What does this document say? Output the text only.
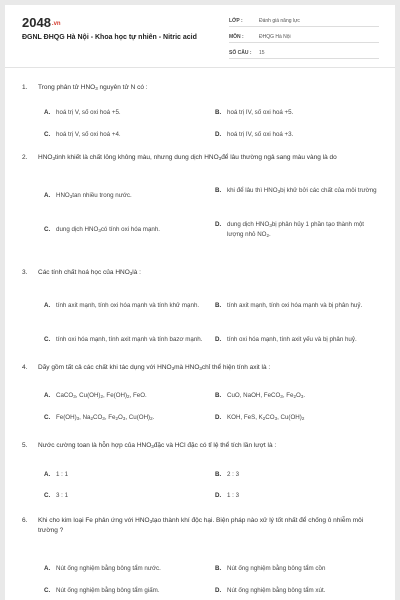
2048.vn
ĐGNL ĐHQG Hà Nội - Khoa học tự nhiên - Nitric acid
LỚP :	Đánh giá năng lực
MÔN :	ĐHQG Hà Nội
SỐ CÂU :	15
1.	Trong phân tử $HNO_3$ nguyên tử N có :
A. hoá trị V, số oxi hoá +5.	B. hoá trị IV, số oxi hoá +5.
C. hoá trị V, số oxi hoá +4.	D. hoá trị IV, số oxi hoá +3.
2.	$HNO_3tinh$ khiết là chất lỏng không màu, nhưng dung dịch $HNO_3để$ lâu thường ngả sang màu vàng là do
A. $HNO_3\tan$ nhiều trong nước.
B. khi để lâu thì $HNO_3bị$ khử bởi các chất của môi trường
C. dung dịch $HNO_3có$ tính oxi hóa mạnh.
D. dung dịch $HNO_3bị$ phân hủy 1 phần tạo thành một lượng nhỏ $NO_2$.
3.	Các tính chất hoá học của $HNO_3là$ :
A. tính axit mạnh, tính oxi hóa mạnh và tính khử mạnh.	B. tính axit mạnh, tính oxi hóa mạnh và bị phân huỷ.
C. tính oxi hóa mạnh, tính axit mạnh và tính bazơ mạnh.	D. tính oxi hóa mạnh, tính axit yếu và bị phân huỷ.
4.	Dãy gồm tất cả các chất khi tác dụng với $HNO_3mà$ $HNO_3chỉ$ thể hiện tính axit là :
A. CaCO$_3$, $Cu(OH)_2$, $Fe(OH)_2$, FeO.	B. CuO, NaOH, FeCO$_3$, $Fe_2O_3$.
C. $Fe(OH)_3$, $Na_2CO_3$, $Fe_2O_3$, $Cu(OH)_2$.	D. KOH, FeS, $K_2CO_3$, $Cu(OH)_2$
5.	Nước cường toan là hỗn hợp của $HNO_3đặc$ và HCl đặc có tỉ lệ thể tích lần lượt là :
A. 1 : 1	B. 2 : 3
C. 3 : 1	D. 1 : 3
6.	Khi cho kim loại Fe phản ứng với $HNO_3tạo$ thành khí độc hại. Biện pháp nào xử lý tốt nhất để chống ô nhiễm môi trường ?
A. Nút ống nghiệm bằng bông tẩm nước.	B. Nút ống nghiệm bằng bông tẩm cồn
C. Nút ống nghiệm bằng bông tẩm giấm.	D. Nút ống nghiệm bằng bông tẩm xút.
